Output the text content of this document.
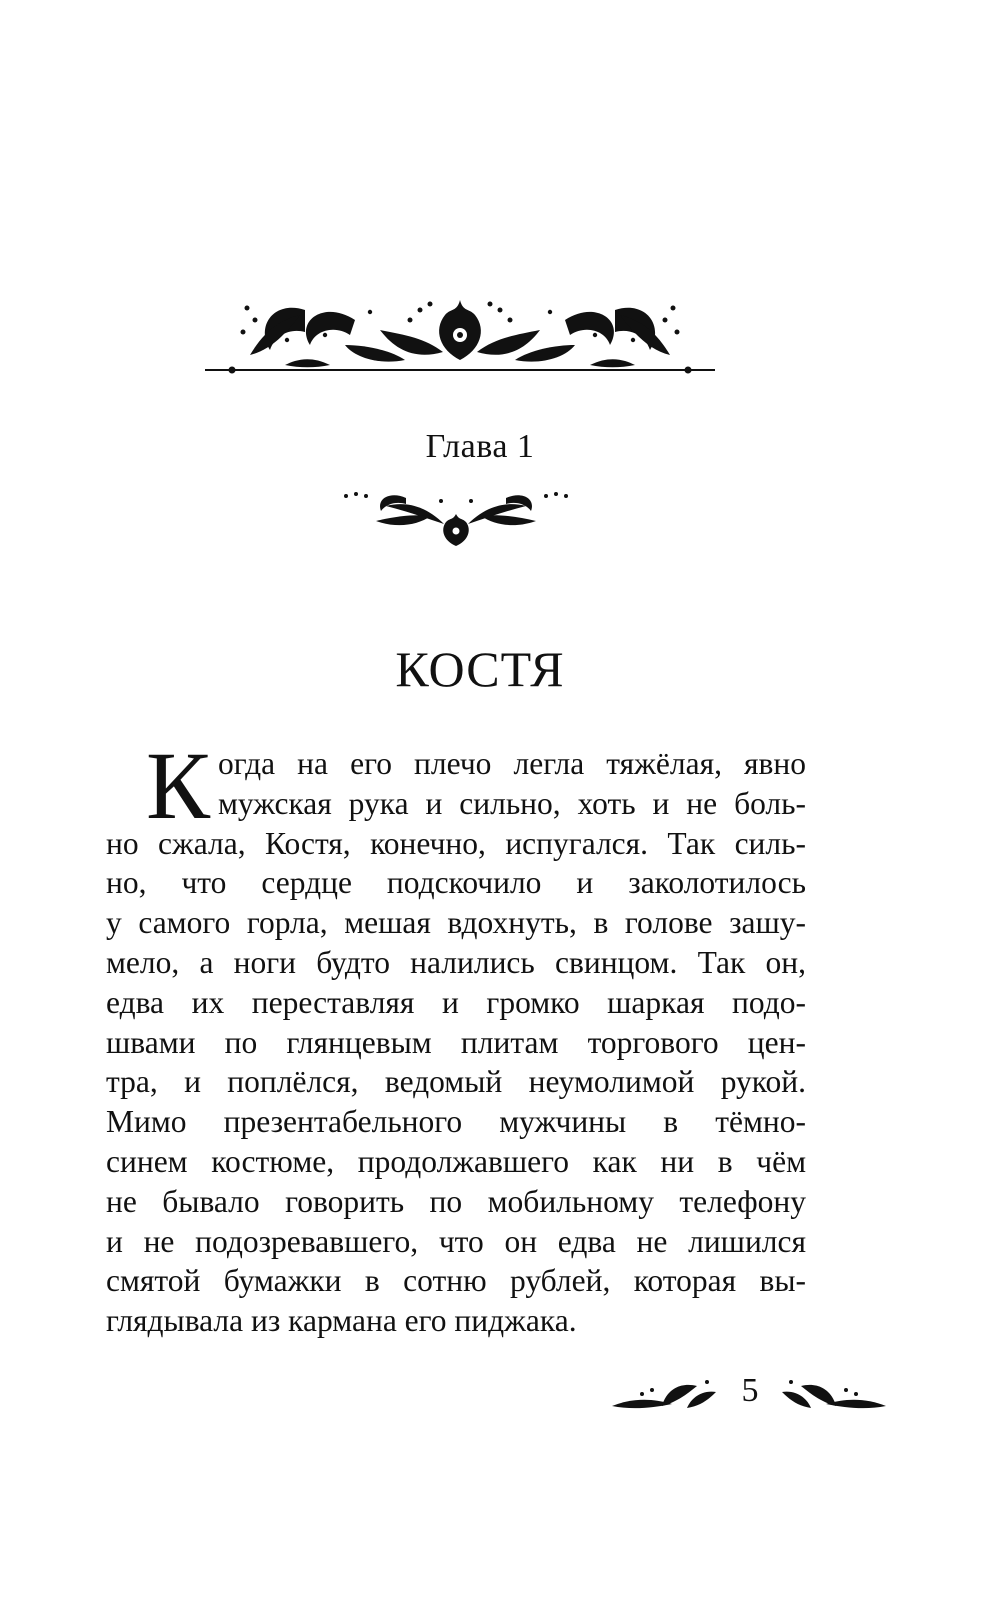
Глава 1
КОСТЯ
К огда на его плечо легла тяжёлая, явно
мужская рука и сильно, хоть и не боль-
но сжала, Костя, конечно, испугался. Так силь-
но, что сердце подскочило и заколотилось
у самого горла, мешая вдохнуть, в голове зашу-
мело, а ноги будто налились свинцом. Так он,
едва их переставляя и громко шаркая подо-
швами по глянцевым плитам торгового цен-
тра, и поплёлся, ведомый неумолимой рукой.
Мимо презентабельного мужчины в тёмно-
синем костюме, продолжавшего как ни в чём
не бывало говорить по мобильному телефону
и не подозревавшего, что он едва не лишился
смятой бумажки в сотню рублей, которая вы-
глядывала из кармана его пиджака.
5
